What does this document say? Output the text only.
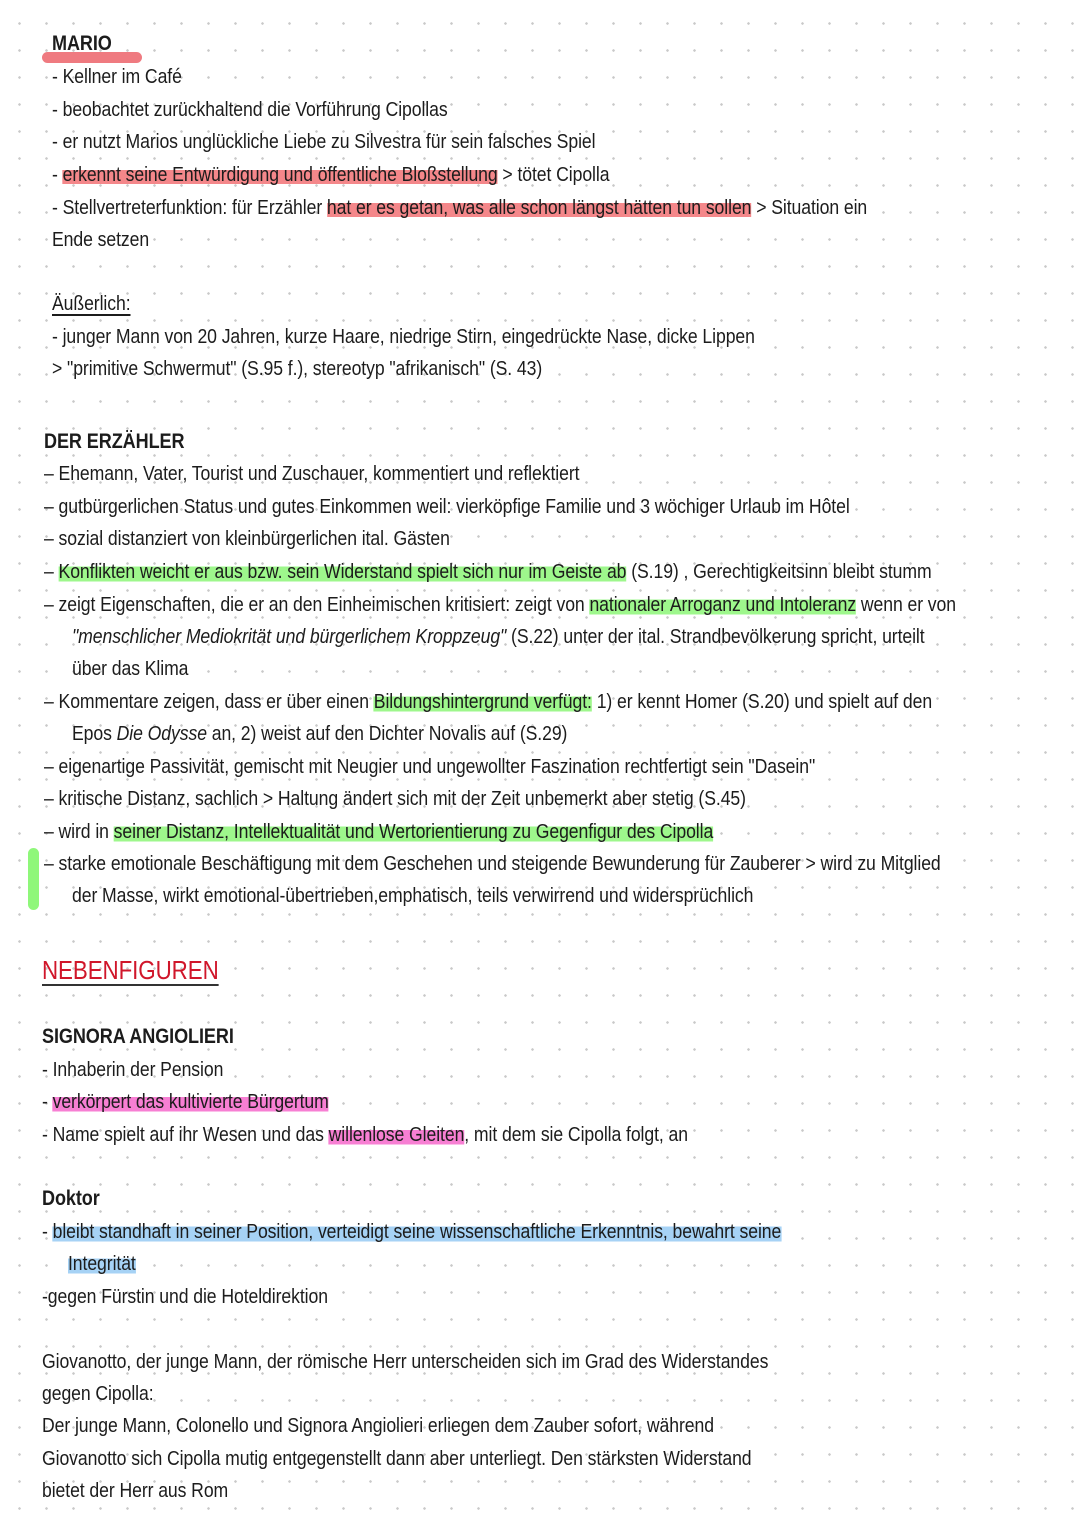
MARIO
- Kellner im Café
- beobachtet zurückhaltend die Vorführung Cipollas
- er nutzt Marios unglückliche Liebe zu Silvestra für sein falsches Spiel
- erkennt seine Entwürdigung und öffentliche Bloßstellung > tötet Cipolla
- Stellvertreterfunktion: für Erzähler hat er es getan, was alle schon längst hätten tun sollen > Situation ein
Ende setzen
Äußerlich:
- junger Mann von 20 Jahren, kurze Haare, niedrige Stirn, eingedrückte Nase, dicke Lippen
> "primitive Schwermut" (S.95 f.), stereotyp "afrikanisch" (S. 43)
DER ERZÄHLER
– Ehemann, Vater, Tourist und Zuschauer, kommentiert und reflektiert
– gutbürgerlichen Status und gutes Einkommen weil: vierköpfige Familie und 3 wöchiger Urlaub im Hôtel
– sozial distanziert von kleinbürgerlichen ital. Gästen
– Konflikten weicht er aus bzw. sein Widerstand spielt sich nur im Geiste ab (S.19) , Gerechtigkeitsinn bleibt stumm
– zeigt Eigenschaften, die er an den Einheimischen kritisiert: zeigt von nationaler Arroganz und Intoleranz wenn er von
"menschlicher Mediokrität und bürgerlichem Kroppzeug" (S.22) unter der ital. Strandbevölkerung spricht, urteilt
über das Klima
– Kommentare zeigen, dass er über einen Bildungshintergrund verfügt: 1) er kennt Homer (S.20) und spielt auf den
Epos Die Odysse an, 2) weist auf den Dichter Novalis auf (S.29)
– eigenartige Passivität, gemischt mit Neugier und ungewollter Faszination rechtfertigt sein "Dasein"
– kritische Distanz, sachlich > Haltung ändert sich mit der Zeit unbemerkt aber stetig (S.45)
– wird in seiner Distanz, Intellektualität und Wertorientierung zu Gegenfigur des Cipolla
– starke emotionale Beschäftigung mit dem Geschehen und steigende Bewunderung für Zauberer > wird zu Mitglied
der Masse, wirkt emotional-übertrieben,emphatisch, teils verwirrend und widersprüchlich
NEBENFIGUREN
SIGNORA ANGIOLIERI
- Inhaberin der Pension
- verkörpert das kultivierte Bürgertum
- Name spielt auf ihr Wesen und das willenlose Gleiten, mit dem sie Cipolla folgt, an
Doktor
- bleibt standhaft in seiner Position, verteidigt seine wissenschaftliche Erkenntnis, bewahrt seine
Integrität
-gegen Fürstin und die Hoteldirektion
Giovanotto, der junge Mann, der römische Herr unterscheiden sich im Grad des Widerstandes
gegen Cipolla:
Der junge Mann, Colonello und Signora Angiolieri erliegen dem Zauber sofort, während
Giovanotto sich Cipolla mutig entgegenstellt dann aber unterliegt. Den stärksten Widerstand
bietet der Herr aus Rom
